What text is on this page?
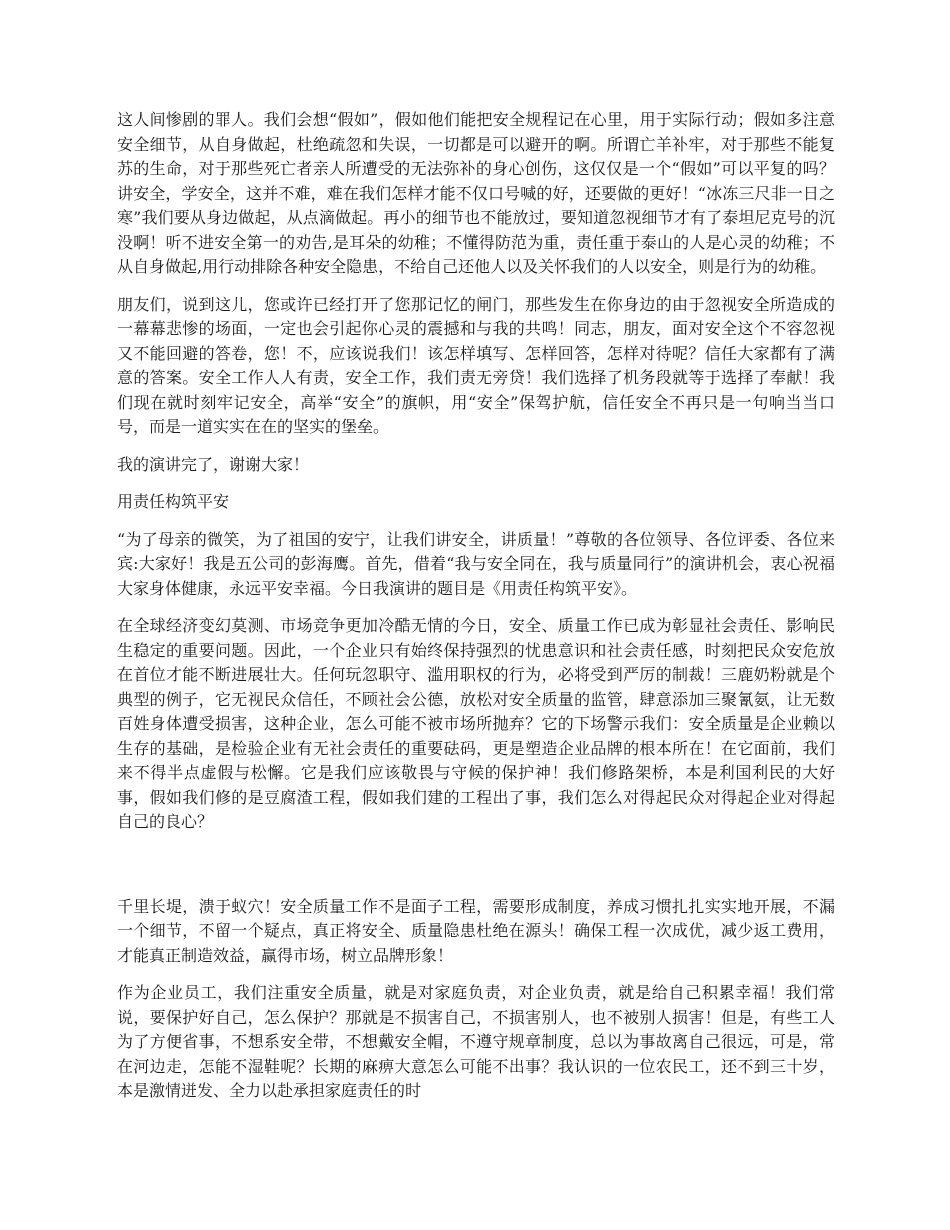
这人间惨剧的罪人。我们会想“假如”，假如他们能把安全规程记在心里，用于实际行动；假如多注意安全细节，从自身做起，杜绝疏忽和失误，一切都是可以避开的啊。所谓亡羊补牢，对于那些不能复苏的生命，对于那些死亡者亲人所遭受的无法弥补的身心创伤，这仅仅是一个“假如”可以平复的吗？讲安全，学安全，这并不难，难在我们怎样才能不仅口号喊的好，还要做的更好！“冰冻三尺非一日之寒”我们要从身边做起，从点滴做起。再小的细节也不能放过，要知道忽视细节才有了泰坦尼克号的沉没啊！听不进安全第一的劝告,是耳朵的幼稚；不懂得防范为重，责任重于泰山的人是心灵的幼稚；不从自身做起,用行动排除各种安全隐患，不给自己还他人以及关怀我们的人以安全，则是行为的幼稚。

朋友们，说到这儿，您或许已经打开了您那记忆的闸门，那些发生在你身边的由于忽视安全所造成的一幕幕悲惨的场面，一定也会引起你心灵的震撼和与我的共鸣！同志，朋友，面对安全这个不容忽视又不能回避的答卷，您！不，应该说我们！该怎样填写、怎样回答，怎样对待呢？信任大家都有了满意的答案。安全工作人人有责，安全工作，我们责无旁贷！我们选择了机务段就等于选择了奉献！我们现在就时刻牢记安全，高举“安全”的旗帜，用“安全”保驾护航，信任安全不再只是一句响当当口号，而是一道实实在在的坚实的堡垒。

我的演讲完了，谢谢大家！

用责任构筑平安

“为了母亲的微笑，为了祖国的安宁，让我们讲安全，讲质量！”尊敬的各位领导、各位评委、各位来宾:大家好！我是五公司的彭海鹰。首先，借着“我与安全同在，我与质量同行”的演讲机会，衷心祝福大家身体健康，永远平安幸福。今日我演讲的题目是《用责任构筑平安》。

在全球经济变幻莫测、市场竞争更加冷酷无情的今日，安全、质量工作已成为彰显社会责任、影响民生稳定的重要问题。因此，一个企业只有始终保持强烈的忧患意识和社会责任感，时刻把民众安危放在首位才能不断进展壮大。任何玩忽职守、滥用职权的行为，必将受到严厉的制裁！三鹿奶粉就是个典型的例子，它无视民众信任，不顾社会公德，放松对安全质量的监管，肆意添加三聚氰氨，让无数百姓身体遭受损害，这种企业，怎么可能不被市场所抛弃？它的下场警示我们：安全质量是企业赖以生存的基础，是检验企业有无社会责任的重要砝码，更是塑造企业品牌的根本所在！在它面前，我们来不得半点虚假与松懈。它是我们应该敬畏与守候的保护神！我们修路架桥，本是利国利民的大好事，假如我们修的是豆腐渣工程，假如我们建的工程出了事，我们怎么对得起民众对得起企业对得起自己的良心？

千里长堤，溃于蚁穴！安全质量工作不是面子工程，需要形成制度，养成习惯扎扎实实地开展，不漏一个细节，不留一个疑点，真正将安全、质量隐患杜绝在源头！确保工程一次成优，减少返工费用，才能真正制造效益，赢得市场，树立品牌形象！

作为企业员工，我们注重安全质量，就是对家庭负责，对企业负责，就是给自己积累幸福！我们常说，要保护好自己，怎么保护？那就是不损害自己，不损害别人，也不被别人损害！但是，有些工人为了方便省事，不想系安全带，不想戴安全帽，不遵守规章制度，总以为事故离自己很远，可是，常在河边走，怎能不湿鞋呢？长期的麻痹大意怎么可能不出事？我认识的一位农民工，还不到三十岁，本是激情迸发、全力以赴承担家庭责任的时
